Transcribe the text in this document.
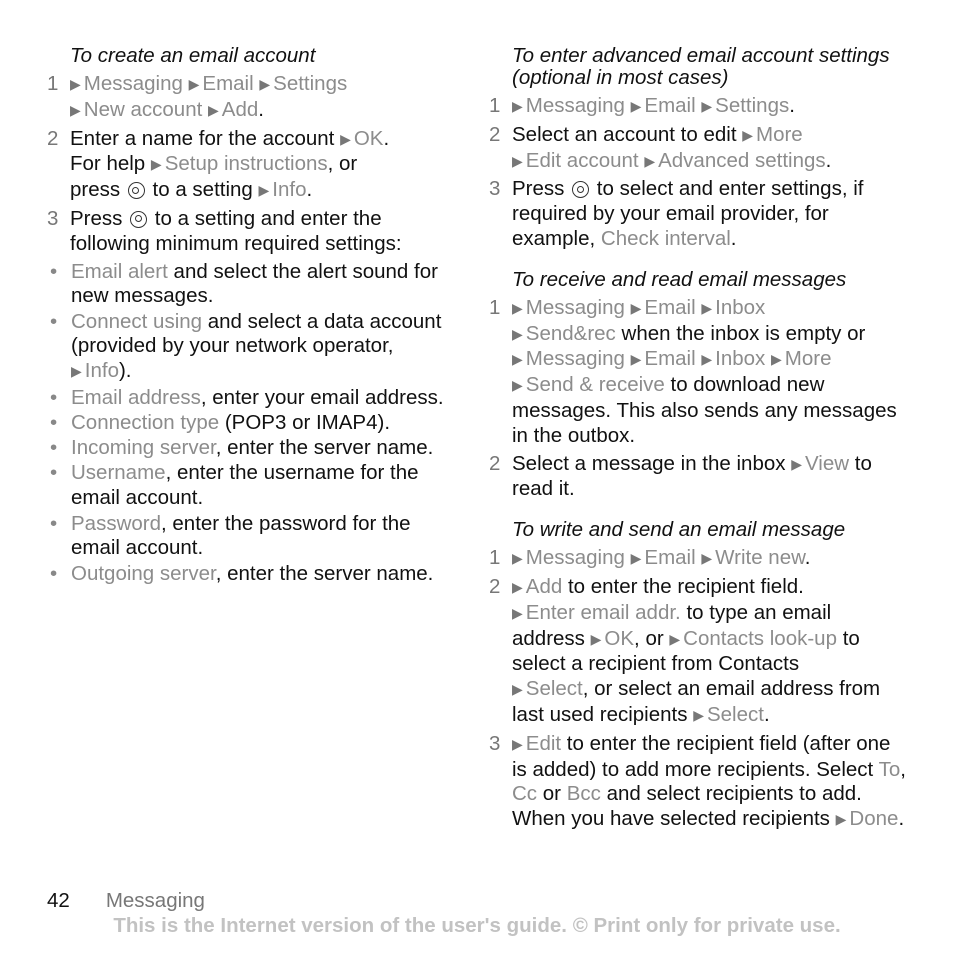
To create an email account
1 ▶ Messaging ▶ Email ▶ Settings
▶ New account ▶ Add.
2 Enter a name for the account ▶ OK.
For help ▶ Setup instructions, or
press  to a setting ▶ Info.
3 Press  to a setting and enter the following minimum required settings:
• Email alert and select the alert sound for new messages.
• Connect using and select a data account (provided by your network operator, ▶ Info).
• Email address, enter your email address.
• Connection type (POP3 or IMAP4).
• Incoming server, enter the server name.
• Username, enter the username for the email account.
• Password, enter the password for the email account.
• Outgoing server, enter the server name.
To enter advanced email account settings (optional in most cases)
1 ▶ Messaging ▶ Email ▶ Settings.
2 Select an account to edit ▶ More
▶ Edit account ▶ Advanced settings.
3 Press  to select and enter settings, if required by your email provider, for example, Check interval.
To receive and read email messages
1 ▶ Messaging ▶ Email ▶ Inbox
▶ Send&rec when the inbox is empty or
▶ Messaging ▶ Email ▶ Inbox ▶ More
▶ Send & receive to download new messages. This also sends any messages in the outbox.
2 Select a message in the inbox ▶ View to read it.
To write and send an email message
1 ▶ Messaging ▶ Email ▶ Write new.
2 ▶ Add to enter the recipient field.
▶ Enter email addr. to type an email address ▶ OK, or ▶ Contacts look-up to select a recipient from Contacts
▶ Select, or select an email address from last used recipients ▶ Select.
3 ▶ Edit to enter the recipient field (after one is added) to add more recipients. Select To, Cc or Bcc and select recipients to add. When you have selected recipients ▶ Done.
42 Messaging
This is the Internet version of the user's guide. © Print only for private use.
